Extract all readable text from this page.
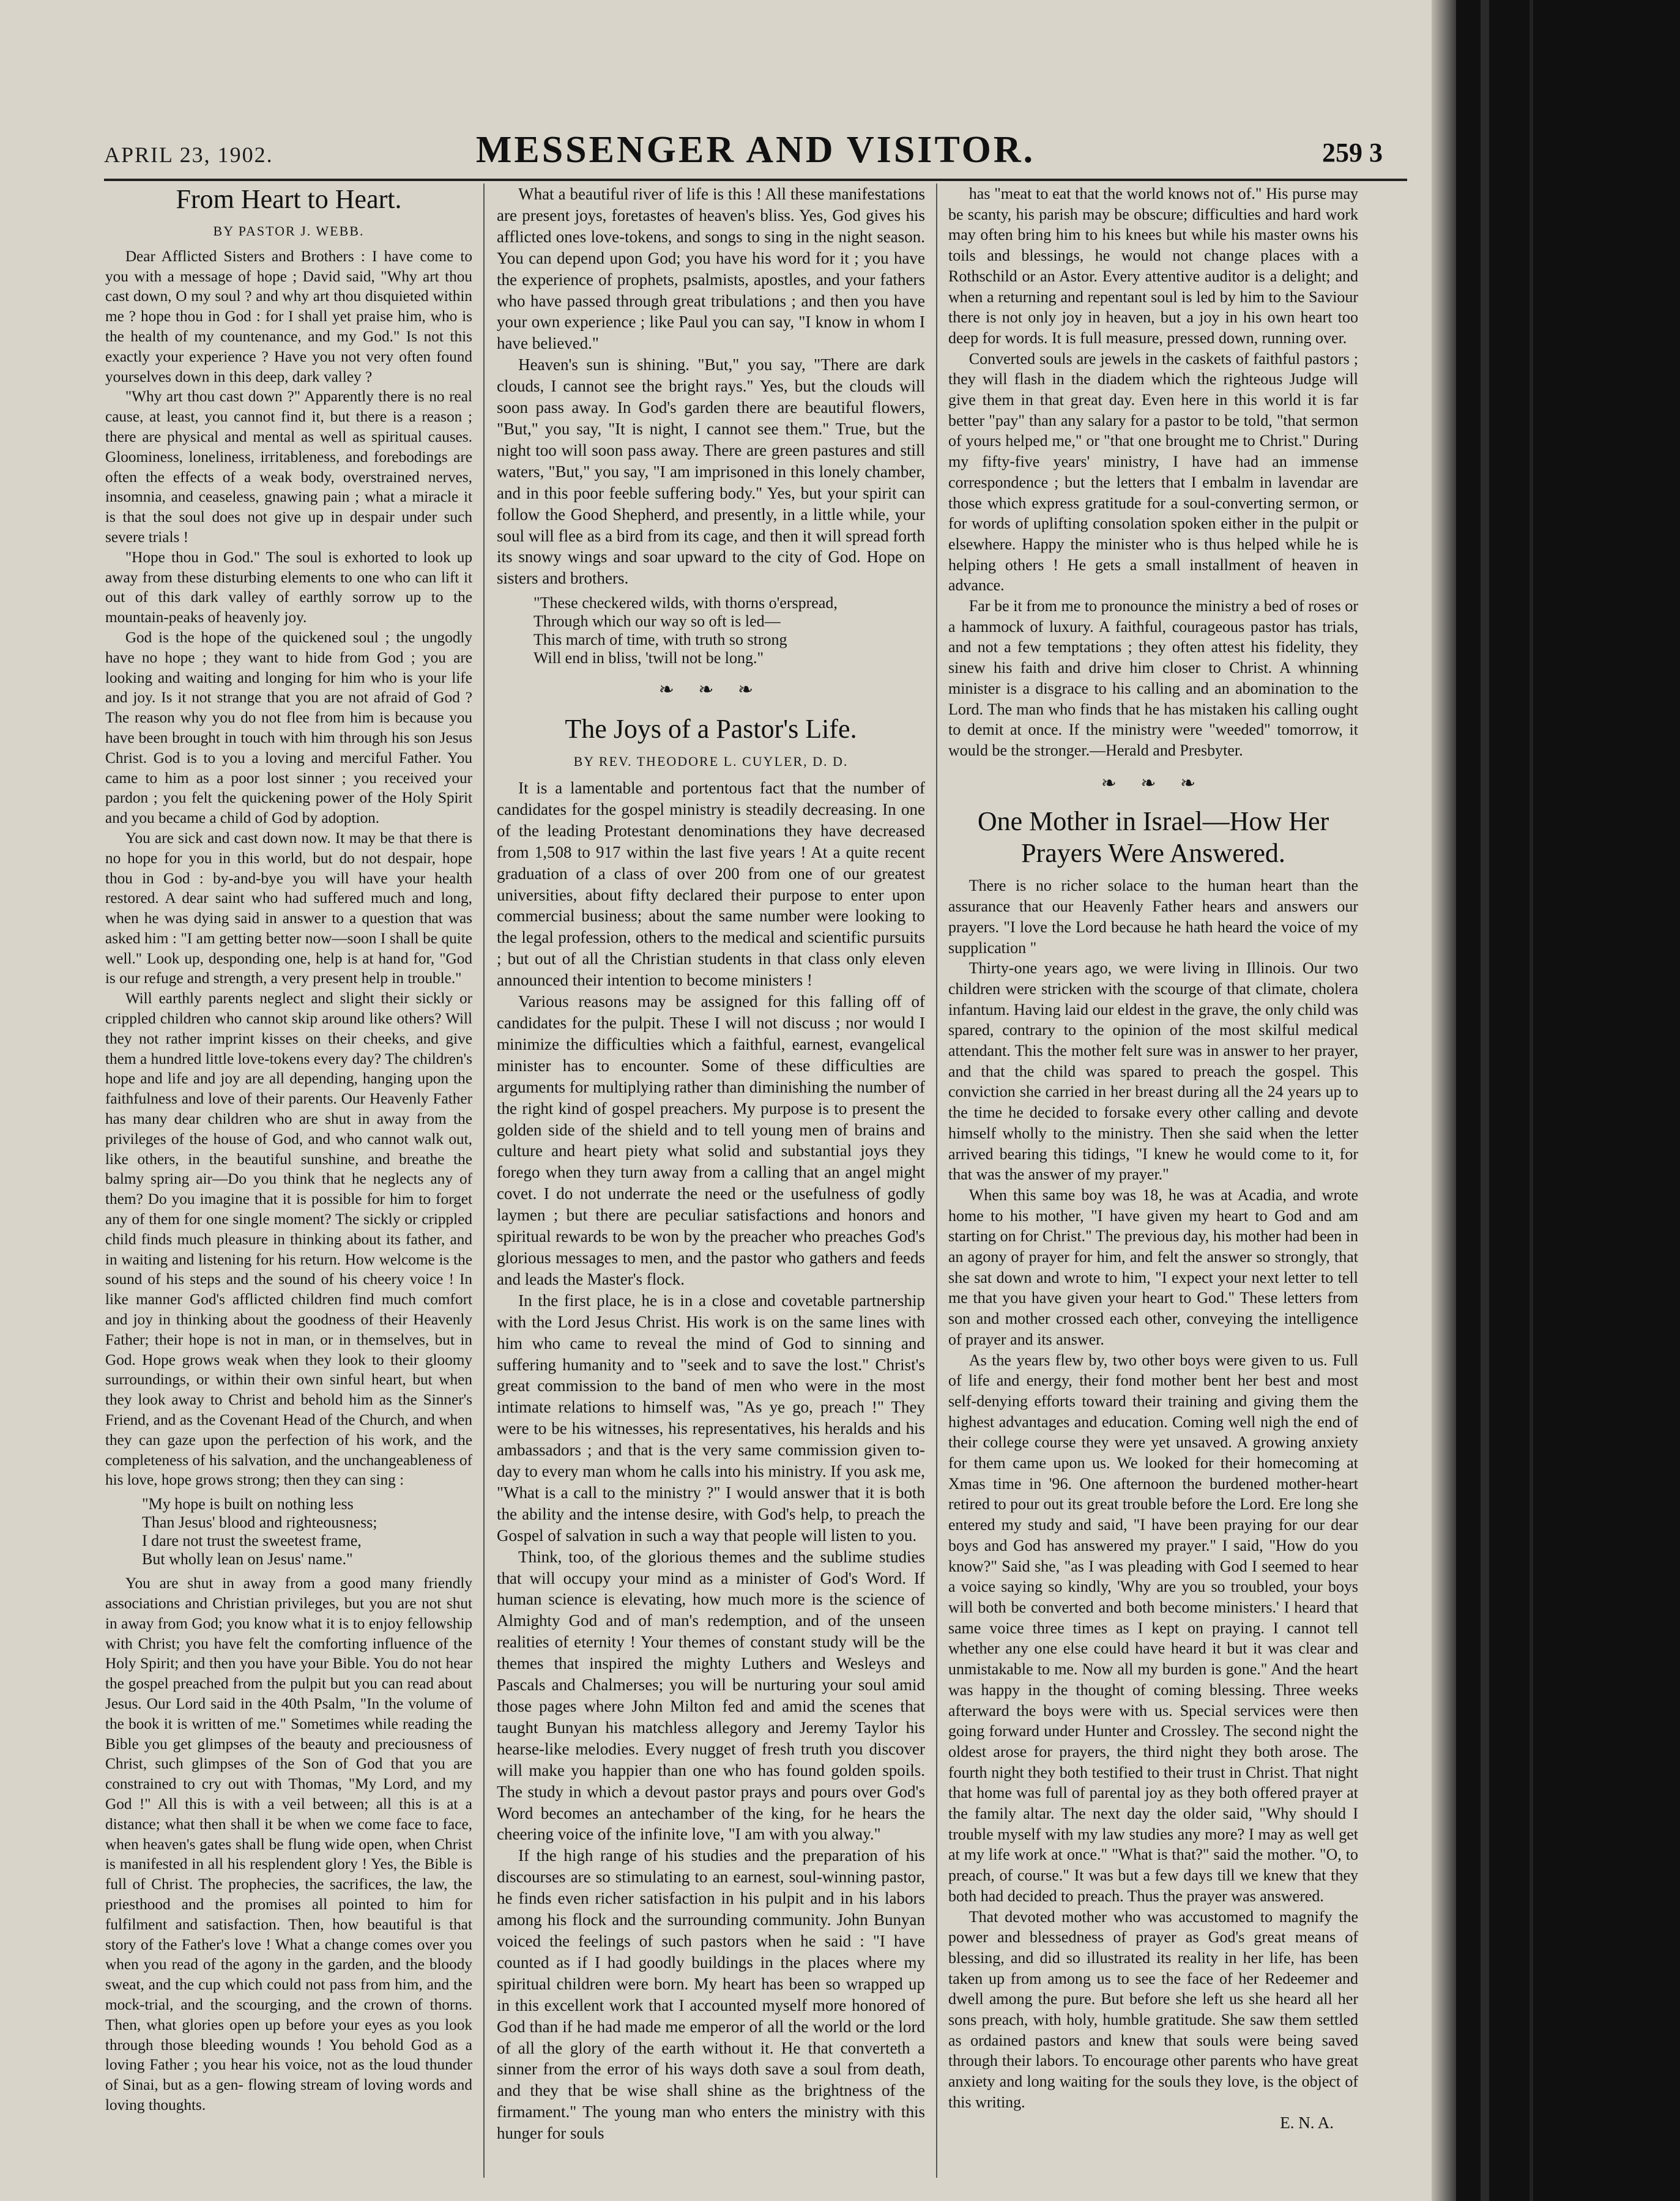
APRIL 23, 1902.	MESSENGER AND VISITOR.	259 3
From Heart to Heart.
BY PASTOR J. WEBB.

Dear Afflicted Sisters and Brothers : I have come to you with a message of hope ; David said, "Why art thou cast down, O my soul ? and why art thou disquieted within me ? hope thou in God : for I shall yet praise him, who is the health of my countenance, and my God." Is not this exactly your experience ? Have you not very often found yourselves down in this deep, dark valley ?

"Why art thou cast down ?" Apparently there is no real cause, at least, you cannot find it, but there is a reason ; there are physical and mental as well as spiritual causes. Gloominess, loneliness, irritableness, and forebodings are often the effects of a weak body, overstrained nerves, insomnia, and ceaseless, gnawing pain ; what a miracle it is that the soul does not give up in despair under such severe trials !

"Hope thou in God." The soul is exhorted to look up away from these disturbing elements to one who can lift it out of this dark valley of earthly sorrow up to the mountain-peaks of heavenly joy.

God is the hope of the quickened soul ; the ungodly have no hope ; they want to hide from God ; you are looking and waiting and longing for him who is your life and joy. Is it not strange that you are not afraid of God ? The reason why you do not flee from him is because you have been brought in touch with him through his son Jesus Christ. God is to you a loving and merciful Father. You came to him as a poor lost sinner ; you received your pardon ; you felt the quickening power of the Holy Spirit and you became a child of God by adoption.

You are sick and cast down now. It may be that there is no hope for you in this world, but do not despair, hope thou in God : by-and-bye you will have your health restored. A dear saint who had suffered much and long, when he was dying said in answer to a question that was asked him : "I am getting better now—soon I shall be quite well." Look up, desponding one, help is at hand for, "God is our refuge and strength, a very present help in trouble."

Will earthly parents neglect and slight their sickly or crippled children who cannot skip around like others? Will they not rather imprint kisses on their cheeks, and give them a hundred little love-tokens every day? The children's hope and life and joy are all depending, hanging upon the faithfulness and love of their parents. Our Heavenly Father has many dear children who are shut in away from the privileges of the house of God, and who cannot walk out, like others, in the beautiful sunshine, and breathe the balmy spring air—Do you think that he neglects any of them? Do you imagine that it is possible for him to forget any of them for one single moment? The sickly or crippled child finds much pleasure in thinking about its father, and in waiting and listening for his return. How welcome is the sound of his steps and the sound of his cheery voice ! In like manner God's afflicted children find much comfort and joy in thinking about the goodness of their Heavenly Father; their hope is not in man, or in themselves, but in God. Hope grows weak when they look to their gloomy surroundings, or within their own sinful heart, but when they look away to Christ and behold him as the Sinner's Friend, and as the Covenant Head of the Church, and when they can gaze upon the perfection of his work, and the completeness of his salvation, and the unchangeableness of his love, hope grows strong; then they can sing :

"My hope is built on nothing less
Than Jesus' blood and righteousness;
I dare not trust the sweetest frame,
But wholly lean on Jesus' name."

You are shut in away from a good many friendly associations and Christian privileges, but you are not shut in away from God; you know what it is to enjoy fellowship with Christ; you have felt the comforting influence of the Holy Spirit; and then you have your Bible. You do not hear the gospel preached from the pulpit but you can read about Jesus. Our Lord said in the 40th Psalm, "In the volume of the book it is written of me." Sometimes while reading the Bible you get glimpses of the beauty and preciousness of Christ, such glimpses of the Son of God that you are constrained to cry out with Thomas, "My Lord, and my God !" All this is with a veil between; all this is at a distance; what then shall it be when we come face to face, when heaven's gates shall be flung wide open, when Christ is manifested in all his resplendent glory ! Yes, the Bible is full of Christ. The prophecies, the sacrifices, the law, the priesthood and the promises all pointed to him for fulfilment and satisfaction. Then, how beautiful is that story of the Father's love ! What a change comes over you when you read of the agony in the garden, and the bloody sweat, and the cup which could not pass from him, and the mock-trial, and the scourging, and the crown of thorns. Then, what glories open up before your eyes as you look through those bleeding wounds ! You behold God as a loving Father ; you hear his voice, not as the loud thunder of Sinai, but as a gen- flowing stream of loving words and loving thoughts.

What a beautiful river of life is this ! All these manifestations are present joys, foretastes of heaven's bliss. Yes, God gives his afflicted ones love-tokens, and songs to sing in the night season. You can depend upon God; you have his word for it ; you have the experience of prophets, psalmists, apostles, and your fathers who have passed through great tribulations ; and then you have your own experience ; like Paul you can say, "I know in whom I have believed."

Heaven's sun is shining. "But," you say, "There are dark clouds, I cannot see the bright rays." Yes, but the clouds will soon pass away. In God's garden there are beautiful flowers, "But," you say, "It is night, I cannot see them." True, but the night too will soon pass away. There are green pastures and still waters, "But," you say, "I am imprisoned in this lonely chamber, and in this poor feeble suffering body." Yes, but your spirit can follow the Good Shepherd, and presently, in a little while, your soul will flee as a bird from its cage, and then it will spread forth its snowy wings and soar upward to the city of God. Hope on sisters and brothers.

"These checkered wilds, with thorns o'erspread,
Through which our way so oft is led—
This march of time, with truth so strong
Will end in bliss, 'twill not be long."
❧ ❧ ❧
The Joys of a Pastor's Life.
BY REV. THEODORE L. CUYLER, D. D.

It is a lamentable and portentous fact that the number of candidates for the gospel ministry is steadily decreasing. In one of the leading Protestant denominations they have decreased from 1,508 to 917 within the last five years ! At a quite recent graduation of a class of over 200 from one of our greatest universities, about fifty declared their purpose to enter upon commercial business; about the same number were looking to the legal profession, others to the medical and scientific pursuits ; but out of all the Christian students in that class only eleven announced their intention to become ministers !

Various reasons may be assigned for this falling off of candidates for the pulpit. These I will not discuss ; nor would I minimize the difficulties which a faithful, earnest, evangelical minister has to encounter. Some of these difficulties are arguments for multiplying rather than diminishing the number of the right kind of gospel preachers. My purpose is to present the golden side of the shield and to tell young men of brains and culture and heart piety what solid and substantial joys they forego when they turn away from a calling that an angel might covet. I do not underrate the need or the usefulness of godly laymen ; but there are peculiar satisfactions and honors and spiritual rewards to be won by the preacher who preaches God's glorious messages to men, and the pastor who gathers and feeds and leads the Master's flock.

In the first place, he is in a close and covetable partnership with the Lord Jesus Christ. His work is on the same lines with him who came to reveal the mind of God to sinning and suffering humanity and to "seek and to save the lost." Christ's great commission to the band of men who were in the most intimate relations to himself was, "As ye go, preach !" They were to be his witnesses, his representatives, his heralds and his ambassadors ; and that is the very same commission given to-day to every man whom he calls into his ministry. If you ask me, "What is a call to the ministry ?" I would answer that it is both the ability and the intense desire, with God's help, to preach the Gospel of salvation in such a way that people will listen to you.

Think, too, of the glorious themes and the sublime studies that will occupy your mind as a minister of God's Word. If human science is elevating, how much more is the science of Almighty God and of man's redemption, and of the unseen realities of eternity ! Your themes of constant study will be the themes that inspired the mighty Luthers and Wesleys and Pascals and Chalmerses; you will be nurturing your soul amid those pages where John Milton fed and amid the scenes that taught Bunyan his matchless allegory and Jeremy Taylor his hearse-like melodies. Every nugget of fresh truth you discover will make you happier than one who has found golden spoils. The study in which a devout pastor prays and pours over God's Word becomes an antechamber of the king, for he hears the cheering voice of the infinite love, "I am with you alway."

If the high range of his studies and the preparation of his discourses are so stimulating to an earnest, soul-winning pastor, he finds even richer satisfaction in his pulpit and in his labors among his flock and the surrounding community. John Bunyan voiced the feelings of such pastors when he said : "I have counted as if I had goodly buildings in the places where my spiritual children were born. My heart has been so wrapped up in this excellent work that I accounted myself more honored of God than if he had made me emperor of all the world or the lord of all the glory of the earth without it. He that converteth a sinner from the error of his ways doth save a soul from death, and they that be wise shall shine as the brightness of the firmament." The young man who enters the ministry with this hunger for souls

has "meat to eat that the world knows not of." His purse may be scanty, his parish may be obscure; difficulties and hard work may often bring him to his knees but while his master owns his toils and blessings, he would not change places with a Rothschild or an Astor. Every attentive auditor is a delight; and when a returning and repentant soul is led by him to the Saviour there is not only joy in heaven, but a joy in his own heart too deep for words. It is full measure, pressed down, running over.

Converted souls are jewels in the caskets of faithful pastors ; they will flash in the diadem which the righteous Judge will give them in that great day. Even here in this world it is far better "pay" than any salary for a pastor to be told, "that sermon of yours helped me," or "that one brought me to Christ." During my fifty-five years' ministry, I have had an immense correspondence ; but the letters that I embalm in lavendar are those which express gratitude for a soul-converting sermon, or for words of uplifting consolation spoken either in the pulpit or elsewhere. Happy the minister who is thus helped while he is helping others ! He gets a small installment of heaven in advance.

Far be it from me to pronounce the ministry a bed of roses or a hammock of luxury. A faithful, courageous pastor has trials, and not a few temptations ; they often attest his fidelity, they sinew his faith and drive him closer to Christ. A whinning minister is a disgrace to his calling and an abomination to the Lord. The man who finds that he has mistaken his calling ought to demit at once. If the ministry were "weeded" tomorrow, it would be the stronger.—Herald and Presbyter.

❧ ❧ ❧
One Mother in Israel—How Her Prayers Were Answered.

There is no richer solace to the human heart than the assurance that our Heavenly Father hears and answers our prayers. "I love the Lord because he hath heard the voice of my supplication "

Thirty-one years ago, we were living in Illinois. Our two children were stricken with the scourge of that climate, cholera infantum. Having laid our eldest in the grave, the only child was spared, contrary to the opinion of the most skilful medical attendant. This the mother felt sure was in answer to her prayer, and that the child was spared to preach the gospel. This conviction she carried in her breast during all the 24 years up to the time he decided to forsake every other calling and devote himself wholly to the ministry. Then she said when the letter arrived bearing this tidings, "I knew he would come to it, for that was the answer of my prayer."

When this same boy was 18, he was at Acadia, and wrote home to his mother, "I have given my heart to God and am starting on for Christ." The previous day, his mother had been in an agony of prayer for him, and felt the answer so strongly, that she sat down and wrote to him, "I expect your next letter to tell me that you have given your heart to God." These letters from son and mother crossed each other, conveying the intelligence of prayer and its answer.

As the years flew by, two other boys were given to us. Full of life and energy, their fond mother bent her best and most self-denying efforts toward their training and giving them the highest advantages and education. Coming well nigh the end of their college course they were yet unsaved. A growing anxiety for them came upon us. We looked for their homecoming at Xmas time in '96. One afternoon the burdened mother-heart retired to pour out its great trouble before the Lord. Ere long she entered my study and said, "I have been praying for our dear boys and God has answered my prayer." I said, "How do you know?" Said she, "as I was pleading with God I seemed to hear a voice saying so kindly, 'Why are you so troubled, your boys will both be converted and both become ministers.' I heard that same voice three times as I kept on praying. I cannot tell whether any one else could have heard it but it was clear and unmistakable to me. Now all my burden is gone." And the heart was happy in the thought of coming blessing. Three weeks afterward the boys were with us. Special services were then going forward under Hunter and Crossley. The second night the oldest arose for prayers, the third night they both arose. The fourth night they both testified to their trust in Christ. That night that home was full of parental joy as they both offered prayer at the family altar. The next day the older said, "Why should I trouble myself with my law studies any more? I may as well get at my life work at once." "What is that?" said the mother. "O, to preach, of course." It was but a few days till we knew that they both had decided to preach. Thus the prayer was answered.

That devoted mother who was accustomed to magnify the power and blessedness of prayer as God's great means of blessing, and did so illustrated its reality in her life, has been taken up from among us to see the face of her Redeemer and dwell among the pure. But before she left us she heard all her sons preach, with holy, humble gratitude. She saw them settled as ordained pastors and knew that souls were being saved through their labors. To encourage other parents who have great anxiety and long waiting for the souls they love, is the object of this writing.

E. N. A.
